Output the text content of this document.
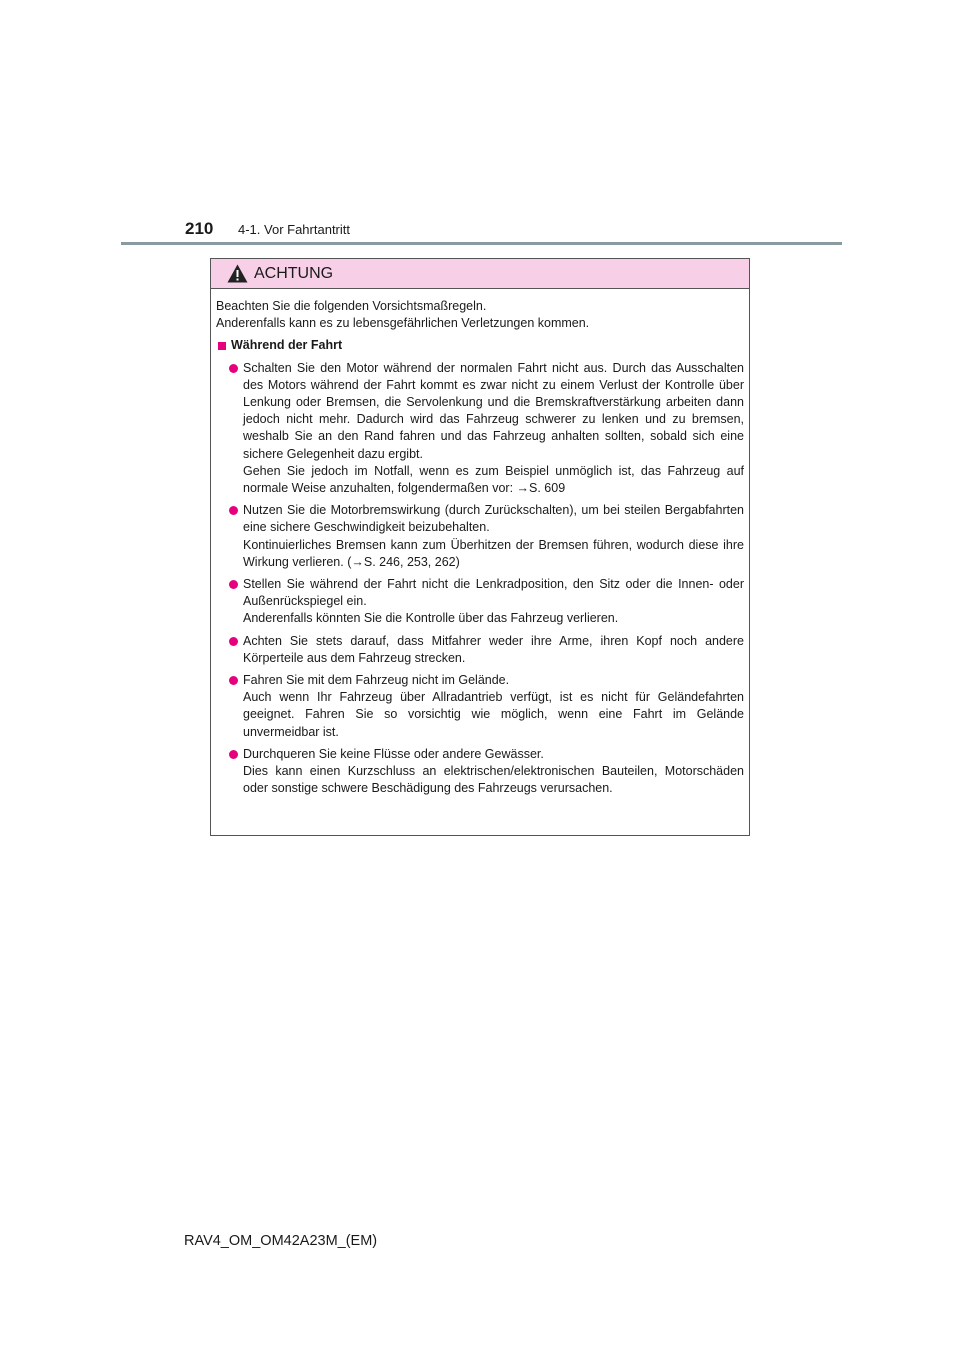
210 4-1. Vor Fahrtantritt
ACHTUNG

Beachten Sie die folgenden Vorsichtsmaßregeln.

Anderenfalls kann es zu lebensgefährlichen Verletzungen kommen.

Während der Fahrt

Schalten Sie den Motor während der normalen Fahrt nicht aus. Durch das Ausschalten des Motors während der Fahrt kommt es zwar nicht zu einem Verlust der Kontrolle über Lenkung oder Bremsen, die Servolenkung und die Bremskraftverstärkung arbeiten dann jedoch nicht mehr. Dadurch wird das Fahrzeug schwerer zu lenken und zu bremsen, weshalb Sie an den Rand fahren und das Fahrzeug anhalten sollten, sobald sich eine sichere Gelegenheit dazu ergibt.

Gehen Sie jedoch im Notfall, wenn es zum Beispiel unmöglich ist, das Fahrzeug auf normale Weise anzuhalten, folgendermaßen vor: →S. 609

Nutzen Sie die Motorbremswirkung (durch Zurückschalten), um bei steilen Bergabfahrten eine sichere Geschwindigkeit beizubehalten.

Kontinuierliches Bremsen kann zum Überhitzen der Bremsen führen, wodurch diese ihre Wirkung verlieren. (→S. 246, 253, 262)

Stellen Sie während der Fahrt nicht die Lenkradposition, den Sitz oder die Innen- oder Außenrückspiegel ein.

Anderenfalls könnten Sie die Kontrolle über das Fahrzeug verlieren.

Achten Sie stets darauf, dass Mitfahrer weder ihre Arme, ihren Kopf noch andere Körperteile aus dem Fahrzeug strecken.

Fahren Sie mit dem Fahrzeug nicht im Gelände.

Auch wenn Ihr Fahrzeug über Allradantrieb verfügt, ist es nicht für Geländefahrten geeignet. Fahren Sie so vorsichtig wie möglich, wenn eine Fahrt im Gelände unvermeidbar ist.

Durchqueren Sie keine Flüsse oder andere Gewässer.

Dies kann einen Kurzschluss an elektrischen/elektronischen Bauteilen, Motorschäden oder sonstige schwere Beschädigung des Fahrzeugs verursachen.

RAV4_OM_OM42A23M_(EM)
